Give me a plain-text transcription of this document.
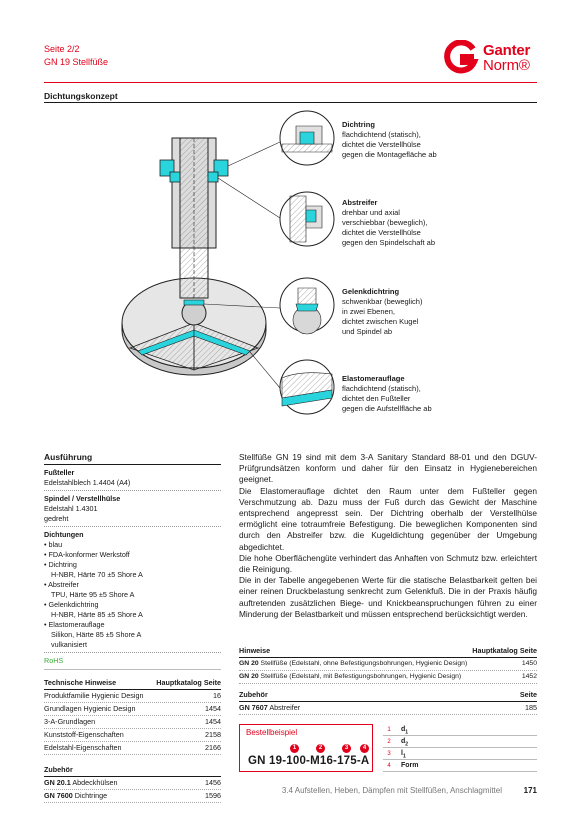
Seite 2/2
GN 19 Stellfüße
Ganter
Norm®
Dichtungskonzept
Dichtring
flachdichtend (statisch),
dichtet die Verstellhülse
gegen die Montagefläche ab
Abstreifer
drehbar und axial
verschiebbar (beweglich),
dichtet die Verstellhülse
gegen den Spindelschaft ab
Gelenkdichtring
schwenkbar (beweglich)
in zwei Ebenen,
dichtet zwischen Kugel
und Spindel ab
Elastomerauflage
flachdichtend (statisch),
dichtet den Fußteller
gegen die Aufstellfläche ab
Ausführung
Fußteller
Edelstahlblech 1.4404 (A4)
Spindel / Verstellhülse
Edelstahl 1.4301
gedreht
Dichtungen
• blau
• FDA-konformer Werkstoff
• Dichtring
H-NBR, Härte 70 ±5 Shore A
• Abstreifer
TPU, Härte 95 ±5 Shore A
• Gelenkdichtring
H-NBR, Härte 85 ±5 Shore A
• Elastomerauflage
Silikon, Härte 85 ±5 Shore A
vulkanisiert
RoHS
Technische Hinweise	Hauptkatalog Seite
Produktfamilie Hygienic Design	16
Grundlagen Hygienic Design	1454
3-A-Grundlagen	1454
Kunststoff-Eigenschaften	2158
Edelstahl-Eigenschaften	2166
Zubehör
GN 20.1 Abdeckhülsen	1456
GN 7600 Dichtringe	1596

Stellfüße GN 19 sind mit dem 3-A Sanitary Standard 88-01 und den DGUV-Prüfgrundsätzen konform und daher für den Einsatz in Hygienebereichen geeignet.

Die Elastomerauflage dichtet den Raum unter dem Fußteller gegen Verschmutzung ab. Dazu muss der Fuß durch das Gewicht der Maschine entsprechend angepresst sein. Der Dichtring oberhalb der Verstellhülse ermöglicht eine totraumfreie Befestigung. Die beweglichen Komponenten sind durch den Abstreifer bzw. die Kugeldichtung gegenüber der Umgebung abgedichtet.

Die hohe Oberflächengüte verhindert das Anhaften von Schmutz bzw. erleichtert die Reinigung.

Die in der Tabelle angegebenen Werte für die statische Belastbarkeit gelten bei einer reinen Druckbelastung senkrecht zum Gelenkfuß. Die in der Praxis häufig auftretenden zusätzlichen Biege- und Knickbeanspruchungen führen zu einer Minderung der Belastbarkeit und müssen entsprechend berücksichtigt werden.

Hinweise	Hauptkatalog Seite
GN 20 Stellfüße (Edelstahl, ohne Befestigungsbohrungen, Hygienic Design)	1450
GN 20 Stellfüße (Edelstahl, mit Befestigungsbohrungen, Hygienic Design)	1452
Zubehör	Seite
GN 7607 Abstreifer	185
Bestellbeispiel
1	2	3	4
GN 19-100-M16-175-A
1	$d_1$
2	$d_2$
3	$l_1$
4	Form
3.4 Aufstellen, Heben, Dämpfen mit Stellfüßen, Anschlagmittel	171
